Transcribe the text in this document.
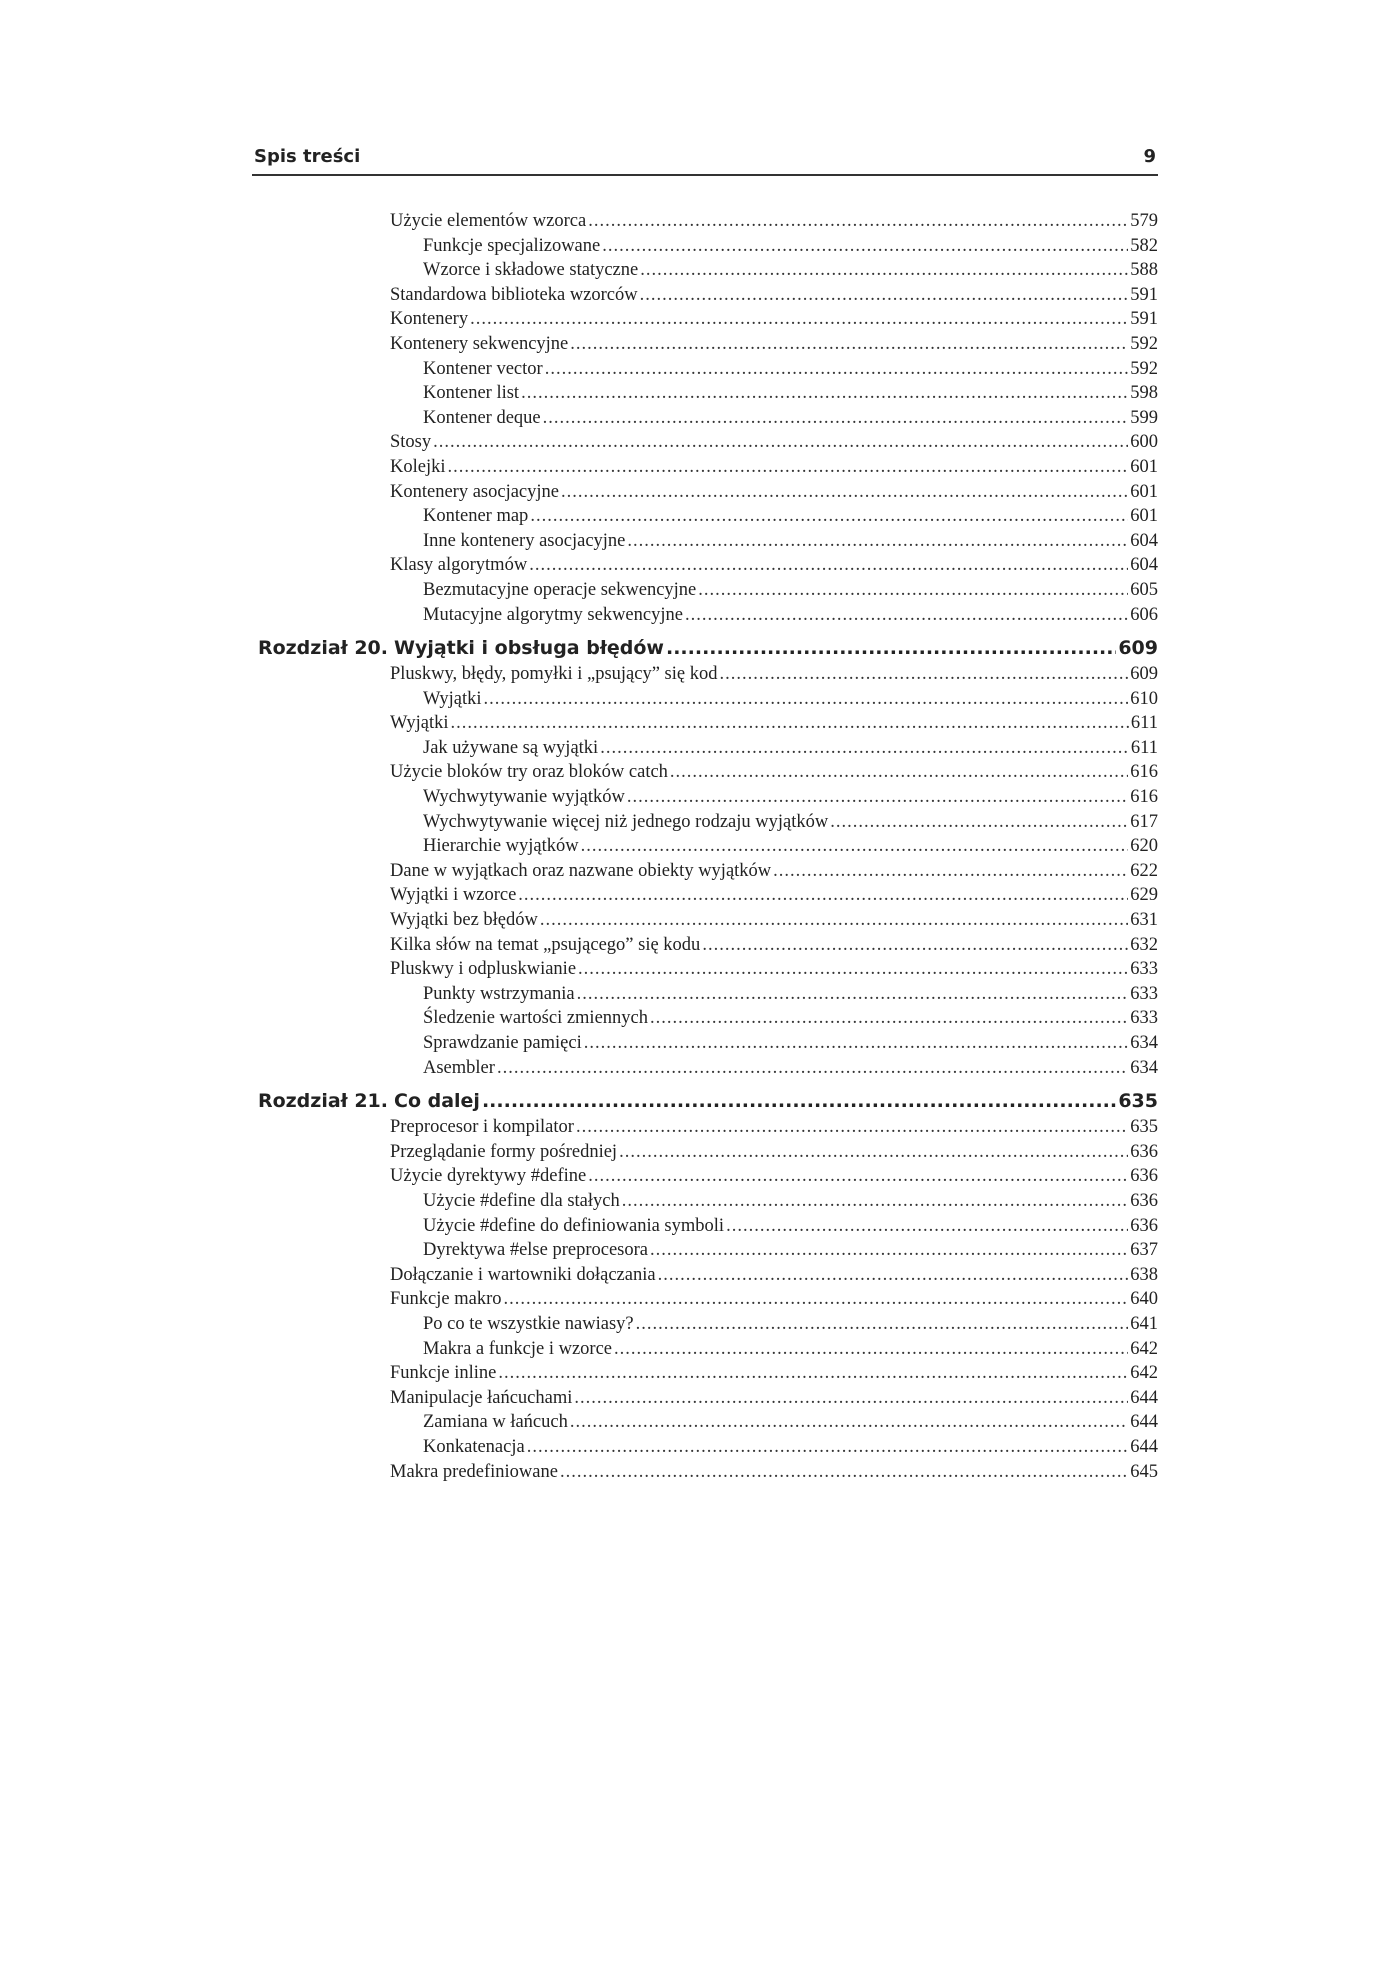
Spis treści	9
Użycie elementów wzorca .....	579
Funkcje specjalizowane .....	582
Wzorce i składowe statyczne .....	588
Standardowa biblioteka wzorców .....	591
Kontenery .....	591
Kontenery sekwencyjne .....	592
Kontener vector .....	592
Kontener list .....	598
Kontener deque .....	599
Stosy .....	600
Kolejki .....	601
Kontenery asocjacyjne .....	601
Kontener map .....	601
Inne kontenery asocjacyjne .....	604
Klasy algorytmów .....	604
Bezmutacyjne operacje sekwencyjne .....	605
Mutacyjne algorytmy sekwencyjne .....	606
Rozdział 20. Wyjątki i obsługa błędów .....	609
Pluskwy, błędy, pomyłki i „psujący” się kod .....	609
Wyjątki .....	610
Wyjątki .....	611
Jak używane są wyjątki .....	611
Użycie bloków try oraz bloków catch .....	616
Wychwytywanie wyjątków .....	616
Wychwytywanie więcej niż jednego rodzaju wyjątków .....	617
Hierarchie wyjątków .....	620
Dane w wyjątkach oraz nazwane obiekty wyjątków .....	622
Wyjątki i wzorce .....	629
Wyjątki bez błędów .....	631
Kilka słów na temat „psującego” się kodu .....	632
Pluskwy i odpluskwianie .....	633
Punkty wstrzymania .....	633
Śledzenie wartości zmiennych .....	633
Sprawdzanie pamięci .....	634
Asembler .....	634
Rozdział 21. Co dalej .....	635
Preprocesor i kompilator .....	635
Przeglądanie formy pośredniej .....	636
Użycie dyrektywy #define .....	636
Użycie #define dla stałych .....	636
Użycie #define do definiowania symboli .....	636
Dyrektywa #else preprocesora .....	637
Dołączanie i wartowniki dołączania .....	638
Funkcje makro .....	640
Po co te wszystkie nawiasy? .....	641
Makra a funkcje i wzorce .....	642
Funkcje inline .....	642
Manipulacje łańcuchami .....	644
Zamiana w łańcuch .....	644
Konkatenacja .....	644
Makra predefiniowane .....	645
